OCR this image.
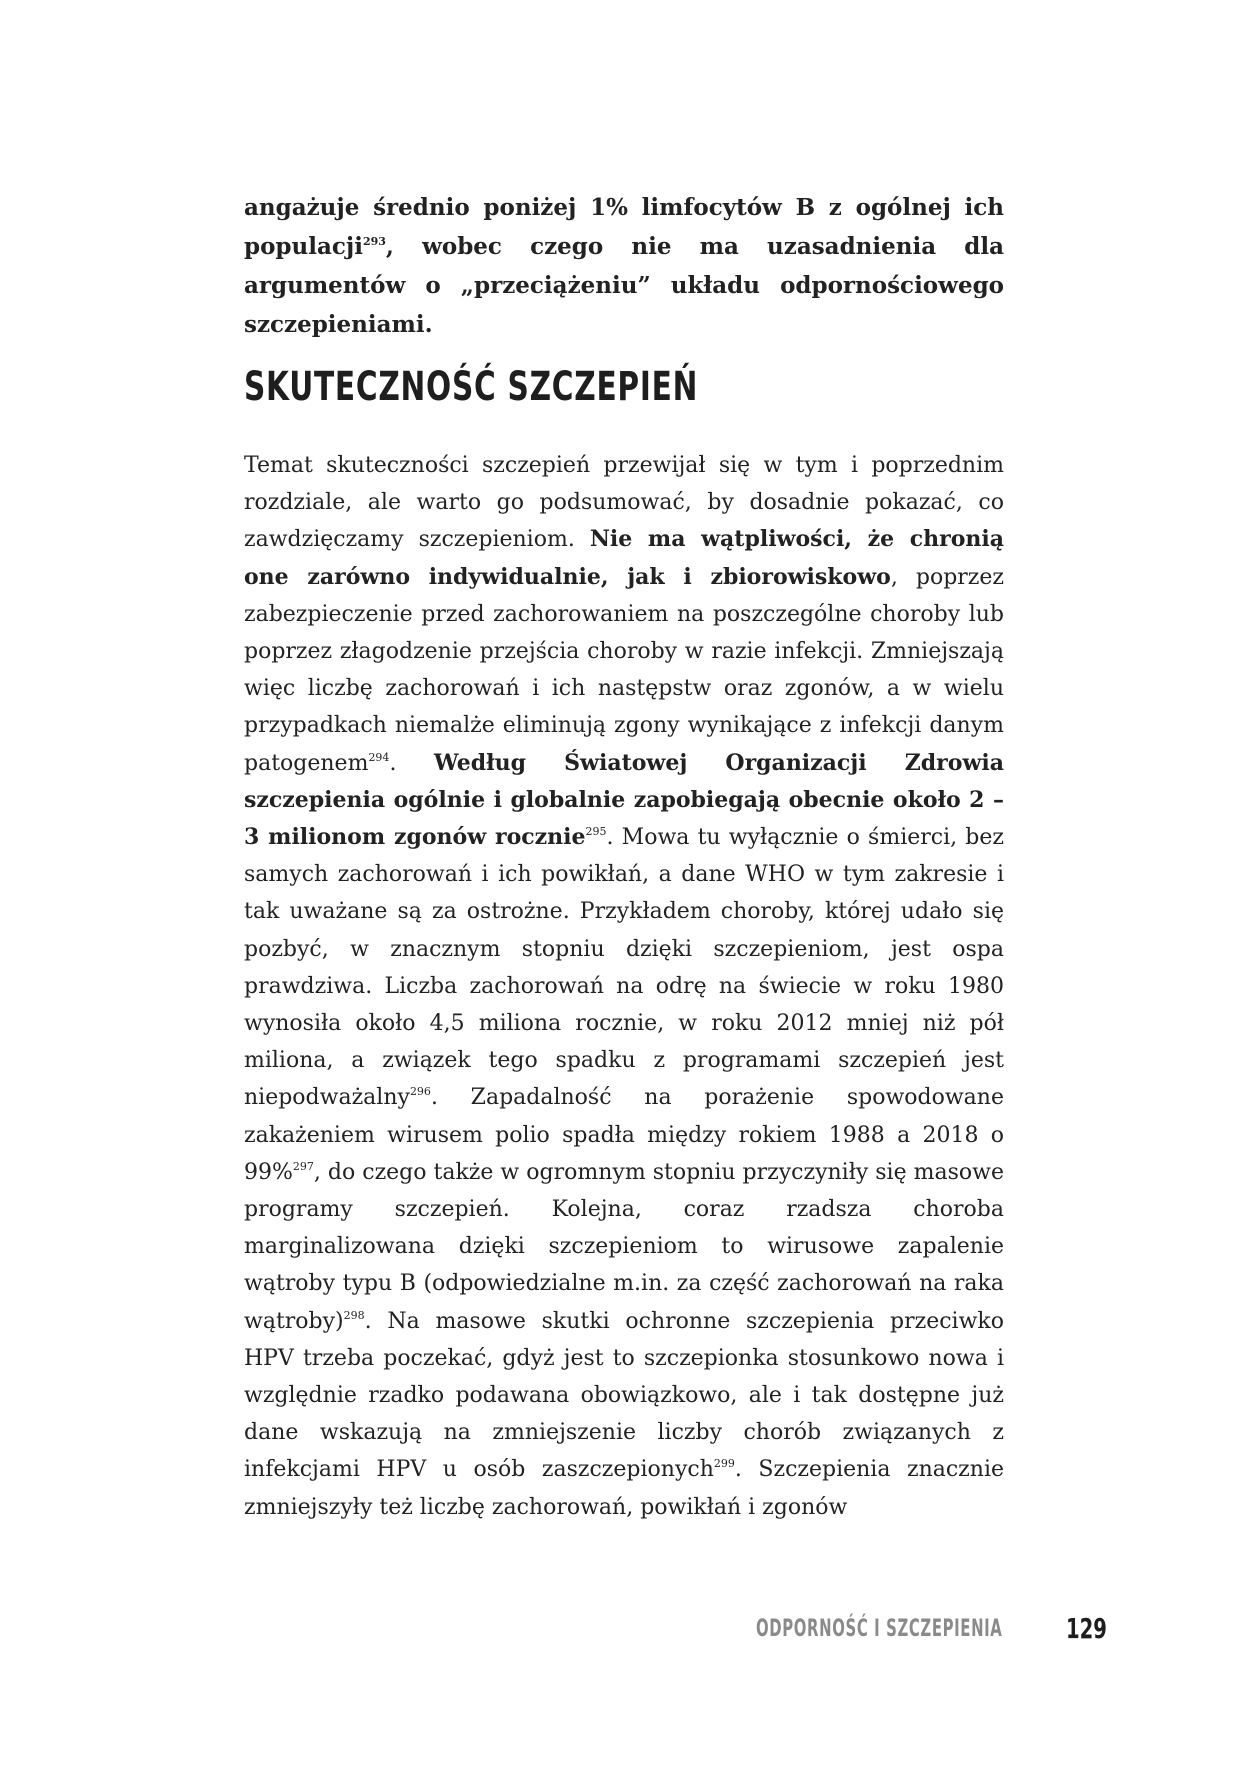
angażuje średnio poniżej 1% limfocytów B z ogólnej ich populacji$^{293}$, wobec czego nie ma uzasadnienia dla argumentów o „przeciążeniu” układu odpornościowego szczepieniami.

SKUTECZNOŚĆ SZCZEPIEŃ

Temat skuteczności szczepień przewijał się w tym i poprzednim rozdziale, ale warto go podsumować, by dosadnie pokazać, co zawdzięczamy szczepieniom. Nie ma wątpliwości, że chronią one zarówno indywidualnie, jak i zbiorowiskowo, poprzez zabezpieczenie przed zachorowaniem na poszczególne choroby lub poprzez złagodzenie przejścia choroby w razie infekcji. Zmniejszają więc liczbę zachorowań i ich następstw oraz zgonów, a w wielu przypadkach niemalże eliminują zgony wynikające z infekcji danym patogenem$^{294}$. Według Światowej Organizacji Zdrowia szczepienia ogólnie i globalnie zapobiegają obecnie około 2 – 3 milionom zgonów rocznie$^{295}$. Mowa tu wyłącznie o śmierci, bez samych zachorowań i ich powikłań, a dane WHO w tym zakresie i tak uważane są za ostrożne. Przykładem choroby, której udało się pozbyć, w znacznym stopniu dzięki szczepieniom, jest ospa prawdziwa. Liczba zachorowań na odrę na świecie w roku 1980 wynosiła około 4,5 miliona rocznie, w roku 2012 mniej niż pół miliona, a związek tego spadku z programami szczepień jest niepodważalny$^{296}$. Zapadalność na porażenie spowodowane zakażeniem wirusem polio spadła między rokiem 1988 a 2018 o 99%$^{297}$, do czego także w ogromnym stopniu przyczyniły się masowe programy szczepień. Kolejna, coraz rzadsza choroba marginalizowana dzięki szczepieniom to wirusowe zapalenie wątroby typu B (odpowiedzialne m.in. za część zachorowań na raka wątroby)$^{298}$. Na masowe skutki ochronne szczepienia przeciwko HPV trzeba poczekać, gdyż jest to szczepionka stosunkowo nowa i względnie rzadko podawana obowiązkowo, ale i tak dostępne już dane wskazują na zmniejszenie liczby chorób związanych z infekcjami HPV u osób zaszczepionych$^{299}$. Szczepienia znacznie zmniejszyły też liczbę zachorowań, powikłań i zgonów

ODPORNOŚĆ I SZCZEPIENIA 129
